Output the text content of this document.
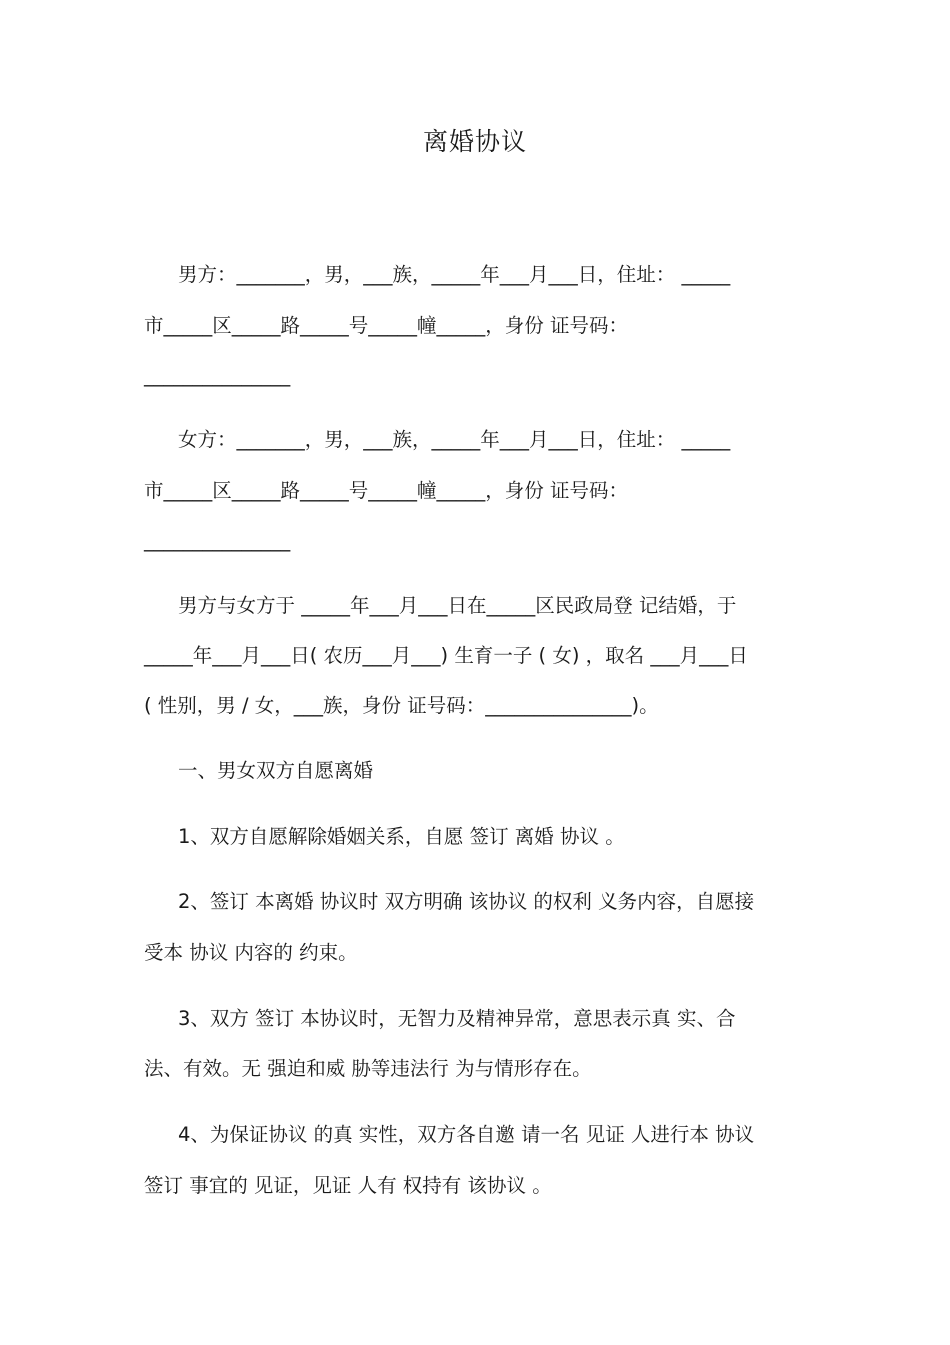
离婚协议
男方：_______，男，___族，_____年___月___日，住址： _____
市_____区_____路_____号_____幢_____，身份 证号码：
_______________
女方：_______，男，___族，_____年___月___日，住址： _____
市_____区_____路_____号_____幢_____，身份 证号码：
_______________
男方与女方于 _____年___月___日在_____区民政局登 记结婚，于
_____年___月___日( 农历___月___) 生育一子 ( 女) ，取名 ___月___日
( 性别，男 / 女，___族，身份 证号码：_______________)。
一、男女双方自愿离婚
1、双方自愿解除婚姻关系，自愿 签订 离婚 协议 。
2、签订 本离婚 协议时 双方明确 该协议 的权利 义务内容，自愿接
受本 协议 内容的 约束。
3、双方 签订 本协议时，无智力及精神异常，意思表示真 实、合
法、有效。无 强迫和威 胁等违法行 为与情形存在。
4、为保证协议 的真 实性，双方各自邀 请一名 见证 人进行本 协议
签订 事宜的 见证，见证 人有 权持有 该协议 。
